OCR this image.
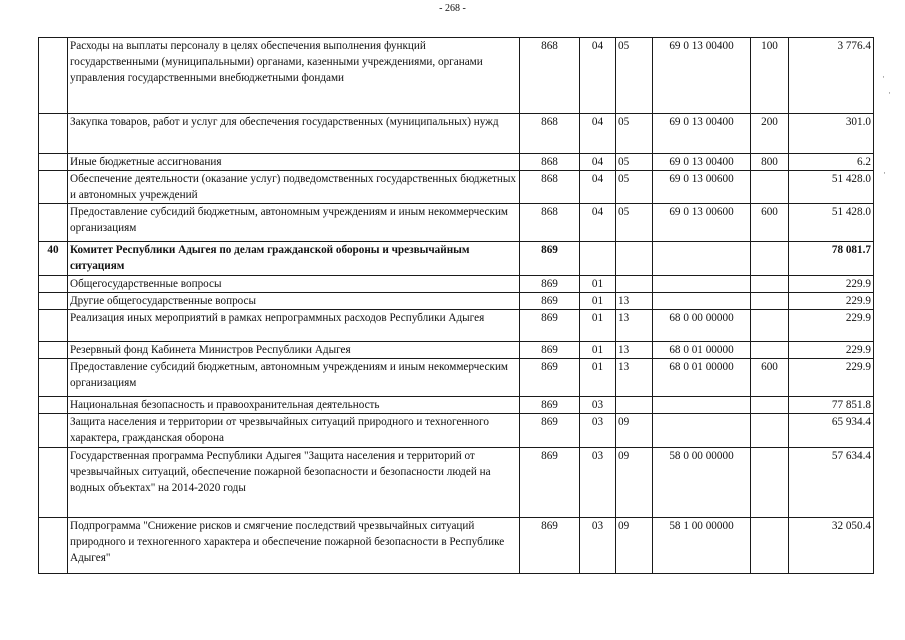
- 268 -
	Расходы на выплаты персоналу в целях обеспечения выполнения функций государственными (муниципальными) органами, казенными учреждениями, органами управления государственными внебюджетными фондами	868	04	05	69 0 13 00400	100	3 776.4
	Закупка товаров, работ и услуг для обеспечения государственных (муниципальных) нужд	868	04	05	69 0 13 00400	200	301.0
	Иные бюджетные ассигнования	868	04	05	69 0 13 00400	800	6.2
	Обеспечение деятельности (оказание услуг) подведомственных государственных бюджетных и автономных учреждений	868	04	05	69 0 13 00600		51 428.0
	Предоставление субсидий бюджетным, автономным учреждениям и иным некоммерческим организациям	868	04	05	69 0 13 00600	600	51 428.0
40	Комитет Республики Адыгея по делам гражданской обороны и чрезвычайным ситуациям	869					78 081.7
	Общегосударственные вопросы	869	01				229.9
	Другие общегосударственные вопросы	869	01	13			229.9
	Реализация иных мероприятий в рамках непрограммных расходов Республики Адыгея	869	01	13	68 0 00 00000		229.9
	Резервный фонд Кабинета Министров Республики Адыгея	869	01	13	68 0 01 00000		229.9
	Предоставление субсидий бюджетным, автономным учреждениям и иным некоммерческим организациям	869	01	13	68 0 01 00000	600	229.9
	Национальная безопасность и правоохранительная деятельность	869	03				77 851.8
	Защита населения и территории от чрезвычайных ситуаций природного и техногенного характера, гражданская оборона	869	03	09			65 934.4
	Государственная программа Республики Адыгея "Защита населения и территорий от чрезвычайных ситуаций, обеспечение пожарной безопасности и безопасности людей на водных объектах" на 2014-2020 годы	869	03	09	58 0 00 00000		57 634.4
	Подпрограмма "Снижение рисков и смягчение последствий чрезвычайных ситуаций природного и техногенного характера и обеспечение пожарной безопасности в Республике Адыгея"	869	03	09	58 1 00 00000		32 050.4
·
·
·
